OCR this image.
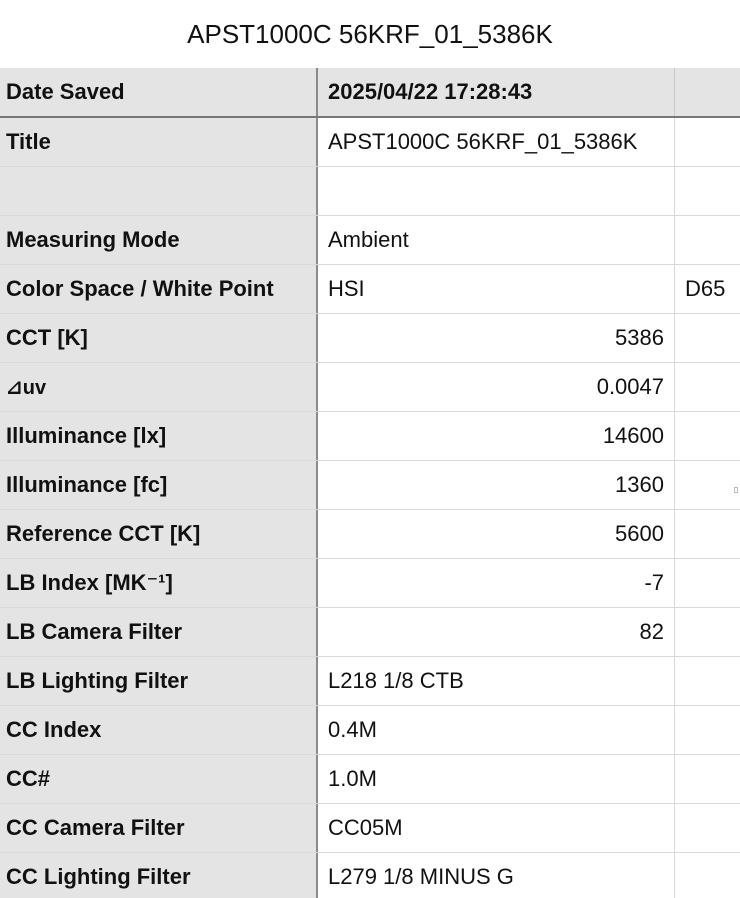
APST1000C 56KRF_01_5386K
Date Saved	2025/04/22 17:28:43
Title	APST1000C 56KRF_01_5386K
Measuring Mode	Ambient
Color Space / White Point	HSI	D65
CCT [K]	5386
⊿uv	0.0047
Illuminance [lx]	14600
Illuminance [fc]	1360
Reference CCT [K]	5600
LB Index [MK⁻¹]	-7
LB Camera Filter	82
LB Lighting Filter	L218 1/8 CTB
CC Index	0.4M
CC#	1.0M
CC Camera Filter	CC05M
CC Lighting Filter	L279 1/8 MINUS G
